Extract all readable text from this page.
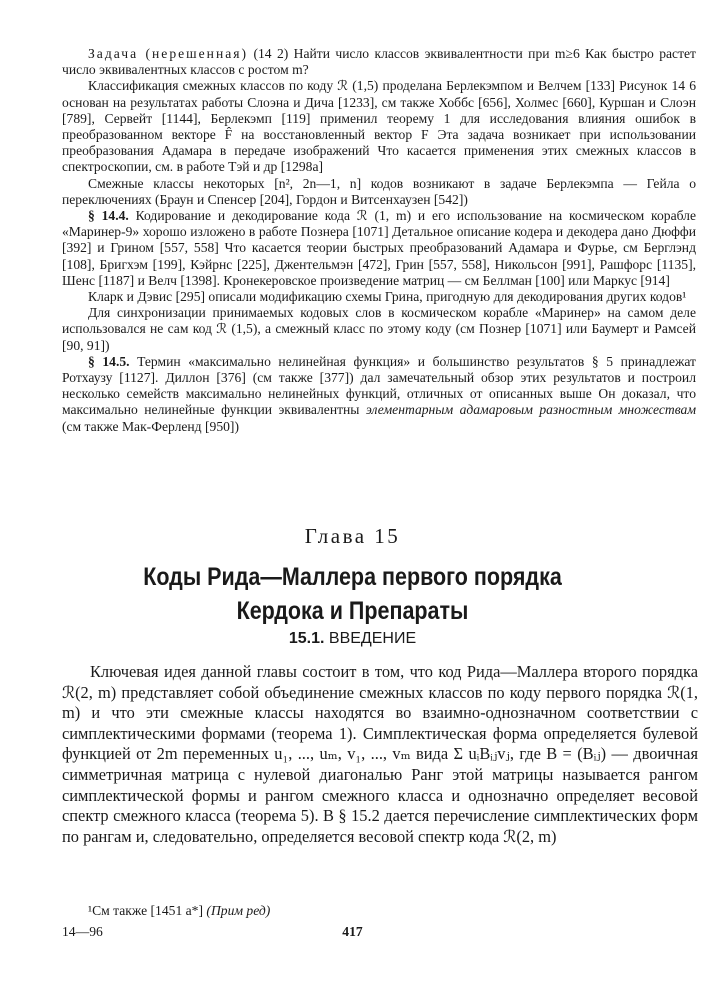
Задача (нерешенная) (14 2) Найти число классов эквивалентности при m≥6 Как быстро растет число эквивалентных классов с ростом m?

Классификация смежных классов по коду ℛ (1,5) проделана Берлекэмпом и Велчем [133] Рисунок 14 6 основан на результатах работы Слоэна и Дича [1233], см также Хоббс [656], Холмес [660], Куршан и Слоэн [789], Сервейт [1144], Берлекэмп [119] применил теорему 1 для исследования влияния ошибок в преобразованном векторе F̂ на восстановленный вектор F Эта задача возникает при использовании преобразования Адамара в передаче изображений Что касается применения этих смежных классов в спектроскопии, см. в работе Тэй и др [1298а]

Смежные классы некоторых [n², 2n—1, n] кодов возникают в задаче Берлекэмпа — Гейла о переключениях (Браун и Спенсер [204], Гордон и Витсенхаузен [542])

§ 14.4. Кодирование и декодирование кода ℛ (1, m) и его использование на космическом корабле «Маринер-9» хорошо изложено в работе Познера [1071] Детальное описание кодера и декодера дано Дюффи [392] и Грином [557, 558] Что касается теории быстрых преобразований Адамара и Фурье, см Берглэнд [108], Бригхэм [199], Кэйрнс [225], Джентельмэн [472], Грин [557, 558], Никольсон [991], Рашфорс [1135], Шенс [1187] и Велч [1398]. Кронекеровское произведение матриц — см Беллман [100] или Маркус [914]

Кларк и Дэвис [295] описали модификацию схемы Грина, пригодную для декодирования других кодов¹

Для синхронизации принимаемых кодовых слов в космическом корабле «Маринер» на самом деле использовался не сам код ℛ (1,5), а смежный класс по этому коду (см Познер [1071] или Баумерт и Рамсей [90, 91])

§ 14.5. Термин «максимально нелинейная функция» и большинство результатов § 5 принадлежат Ротхаузу [1127]. Диллон [376] (см также [377]) дал замечательный обзор этих результатов и построил несколько семейств максимально нелинейных функций, отличных от описанных выше Он доказал, что максимально нелинейные функции эквивалентны элементарным адамаровым разностным множествам (см также Мак-Ферленд [950])

Глава 15
Коды Рида—Маллера первого порядка
Кердока и Препараты
15.1. ВВЕДЕНИЕ

Ключевая идея данной главы состоит в том, что код Рида—Маллера второго порядка ℛ(2, m) представляет собой объединение смежных классов по коду первого порядка ℛ(1, m) и что эти смежные классы находятся во взаимно-однозначном соответствии с симплектическими формами (теорема 1). Симплектическая форма определяется булевой функцией от 2m переменных u₁, ..., uₘ, v₁, ..., vₘ вида Σ uᵢBᵢⱼvⱼ, где B = (Bᵢⱼ) — двоичная симметричная матрица с нулевой диагональю Ранг этой матрицы называется рангом симплектической формы и рангом смежного класса и однозначно определяет весовой спектр смежного класса (теорема 5). В § 15.2 дается перечисление симплектических форм по рангам и, следовательно, определяется весовой спектр кода ℛ(2, m)

¹См также [1451 а*] (Прим ред)
14—96	417
